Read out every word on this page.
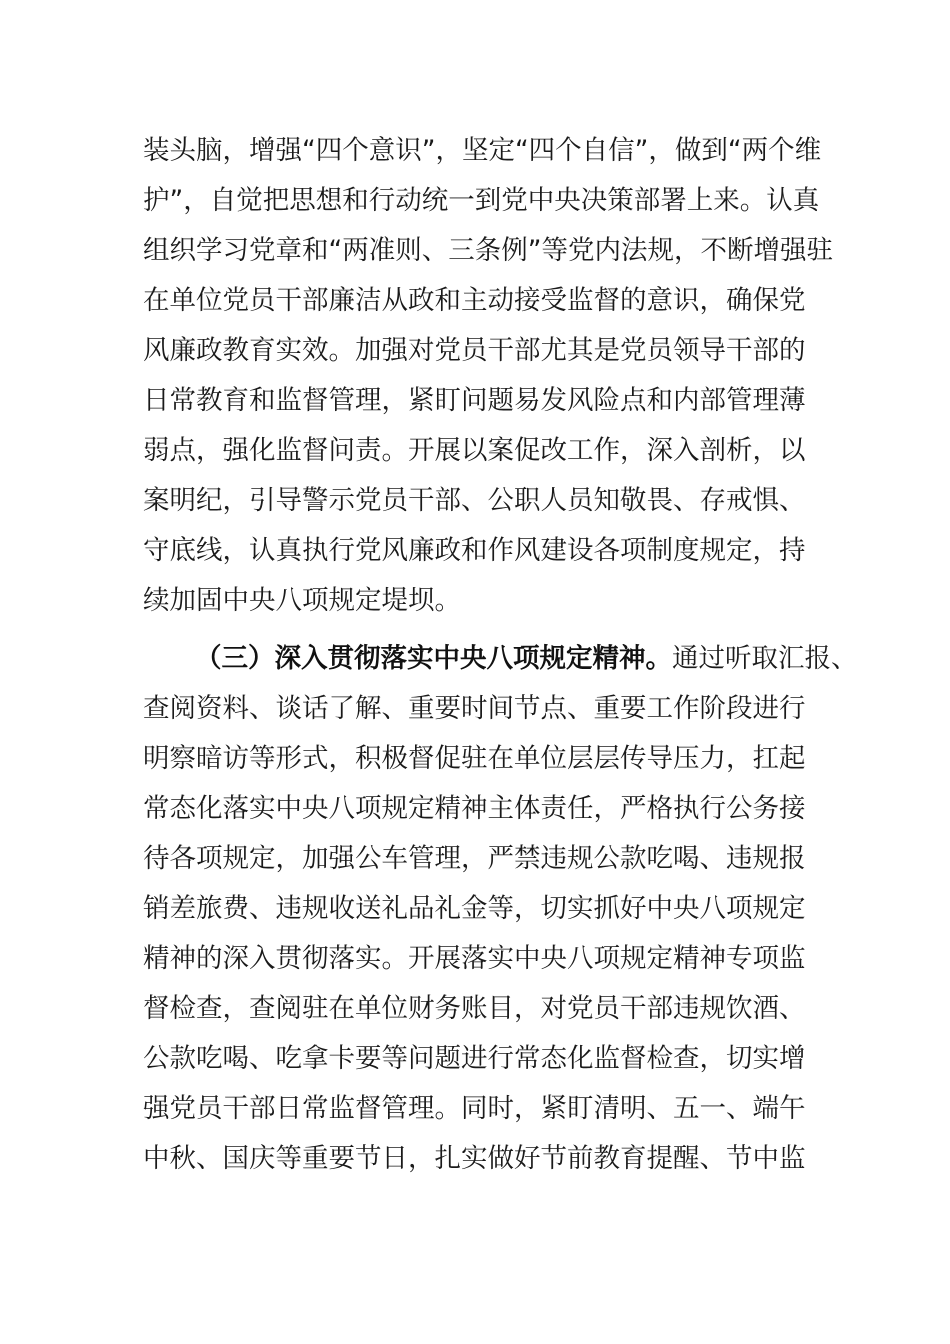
装头脑，增强“四个意识”，坚定“四个自信”，做到“两个维
护”，自觉把思想和行动统一到党中央决策部署上来。认真
组织学习党章和“两准则、三条例”等党内法规，不断增强驻
在单位党员干部廉洁从政和主动接受监督的意识，确保党
风廉政教育实效。加强对党员干部尤其是党员领导干部的
日常教育和监督管理，紧盯问题易发风险点和内部管理薄
弱点，强化监督问责。开展以案促改工作，深入剖析，以
案明纪，引导警示党员干部、公职人员知敬畏、存戒惧、
守底线，认真执行党风廉政和作风建设各项制度规定，持
续加固中央八项规定堤坝。
（三）深入贯彻落实中央八项规定精神。通过听取汇报、
查阅资料、谈话了解、重要时间节点、重要工作阶段进行
明察暗访等形式，积极督促驻在单位层层传导压力，扛起
常态化落实中央八项规定精神主体责任，严格执行公务接
待各项规定，加强公车管理，严禁违规公款吃喝、违规报
销差旅费、违规收送礼品礼金等，切实抓好中央八项规定
精神的深入贯彻落实。开展落实中央八项规定精神专项监
督检查，查阅驻在单位财务账目，对党员干部违规饮酒、
公款吃喝、吃拿卡要等问题进行常态化监督检查，切实增
强党员干部日常监督管理。同时，紧盯清明、五一、端午
中秋、国庆等重要节日，扎实做好节前教育提醒、节中监
